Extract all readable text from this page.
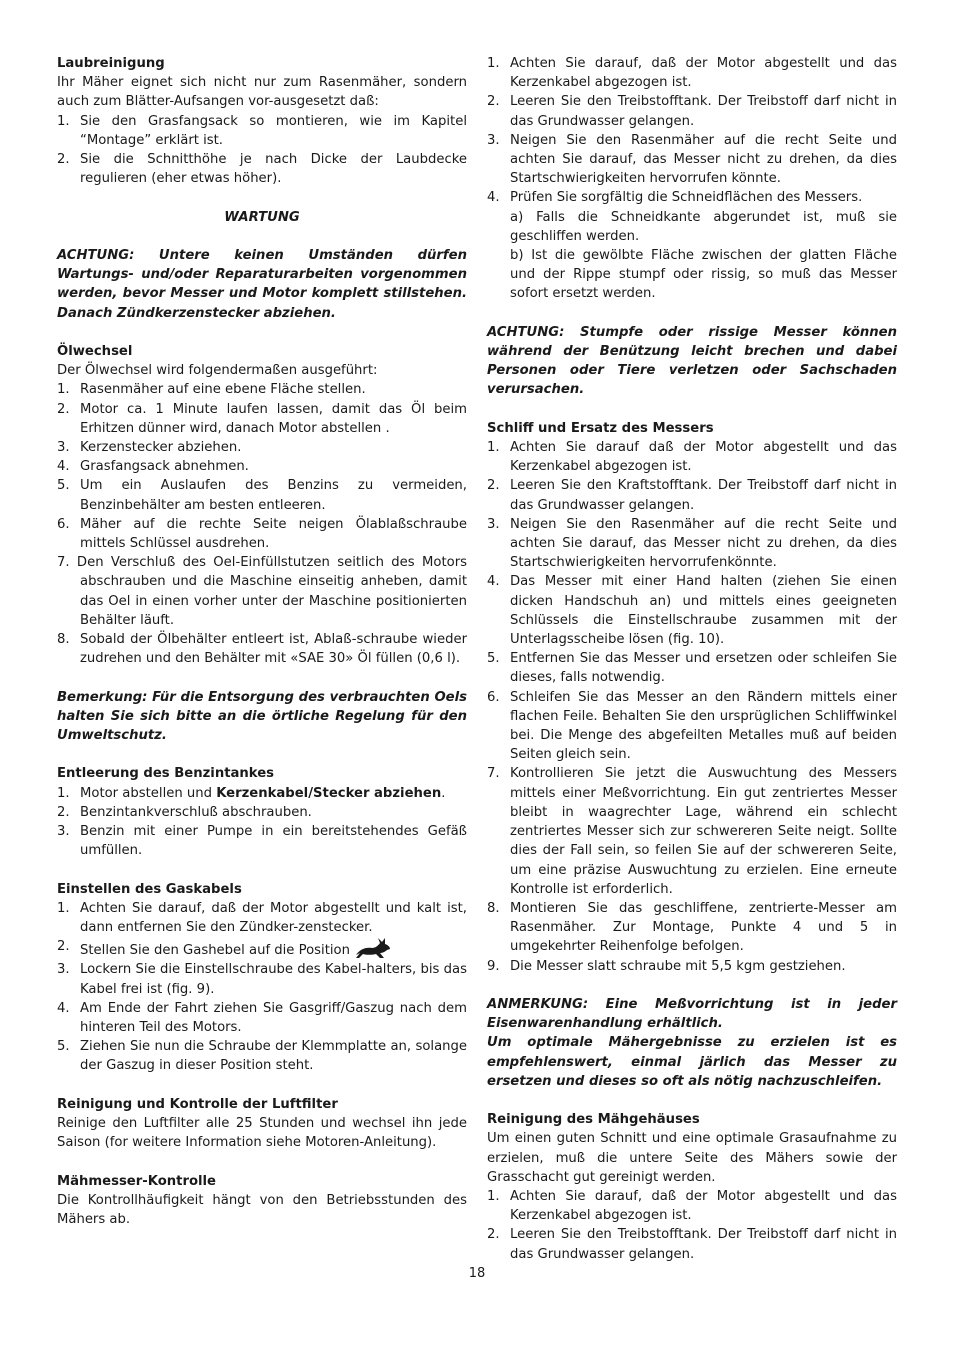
Laubreinigung

Ihr Mäher eignet sich nicht nur zum Rasenmäher, sondern auch zum Blätter-Aufsangen vor-ausgesetzt daß:

1. Sie den Grasfangsack so montieren, wie im Kapitel “Montage” erklärt ist.
2. Sie die Schnitthöhe je nach Dicke der Laubdecke regulieren (eher etwas höher).

WARTUNG

ACHTUNG: Untere keinen Umständen dürfen Wartungs- und/oder Reparaturarbeiten vorgenommen werden, bevor Messer und Motor komplett stillstehen. Danach Zündkerzenstecker abziehen.

Ölwechsel

Der Ölwechsel wird folgendermaßen ausgeführt:

1. Rasenmäher auf eine ebene Fläche stellen.
2. Motor ca. 1 Minute laufen lassen, damit das Öl beim Erhitzen dünner wird, danach Motor abstellen .
3. Kerzenstecker abziehen.
4. Grasfangsack abnehmen.
5. Um ein Auslaufen des Benzins zu vermeiden, Benzinbehälter am besten entleeren.
6. Mäher auf die rechte Seite neigen Ölablaßschraube mittels Schlüssel ausdrehen.
7. Den Verschluß des Oel-Einfüllstutzen seitlich des Motors abschrauben und die Maschine einseitig anheben, damit das Oel in einen vorher unter der Maschine positionierten Behälter läuft.
8. Sobald der Ölbehälter entleert ist, Ablaß-schraube wieder zudrehen und den Behälter mit «SAE 30» Öl füllen (0,6 l).

Bemerkung: Für die Entsorgung des verbrauchten Oels halten Sie sich bitte an die örtliche Regelung für den Umweltschutz.

Entleerung des Benzintankes
1. Motor abstellen und Kerzenkabel/Stecker abziehen.
2. Benzintankverschluß abschrauben.
3. Benzin mit einer Pumpe in ein bereitstehendes Gefäß umfüllen.
Einstellen des Gaskabels
1. Achten Sie darauf, daß der Motor abgestellt und kalt ist, dann entfernen Sie den Zündker-zenstecker.
2. Stellen Sie den Gashebel auf die Position
3. Lockern Sie die Einstellschraube des Kabel-halters, bis das Kabel frei ist (fig. 9).
4. Am Ende der Fahrt ziehen Sie Gasgriff/Gaszug nach dem hinteren Teil des Motors.
5. Ziehen Sie nun die Schraube der Klemmplatte an, solange der Gaszug in dieser Position steht.
Reinigung und Kontrolle der Luftfilter

Reinige den Luftfilter alle 25 Stunden und wechsel ihn jede Saison (for weitere Information siehe Motoren-Anleitung).

Mähmesser-Kontrolle

Die Kontrollhäufigkeit hängt von den Betriebsstunden des Mähers ab.

1. Achten Sie darauf, daß der Motor abgestellt und das Kerzenkabel abgezogen ist.
2. Leeren Sie den Treibstofftank. Der Treibstoff darf nicht in das Grundwasser gelangen.
3. Neigen Sie den Rasenmäher auf die recht Seite und achten Sie darauf, das Messer nicht zu drehen, da dies Startschwierigkeiten hervorrufen könnte.
4. Prüfen Sie sorgfältig die Schneidflächen des Messers.
a) Falls die Schneidkante abgerundet ist, muß sie geschliffen werden.
b) Ist die gewölbte Fläche zwischen der glatten Fläche und der Rippe stumpf oder rissig, so muß das Messer sofort ersetzt werden.

ACHTUNG: Stumpfe oder rissige Messer können während der Benützung leicht brechen und dabei Personen oder Tiere verletzen oder Sachschaden verursachen.

Schliff und Ersatz des Messers
1. Achten Sie darauf daß der Motor abgestellt und das Kerzenkabel abgezogen ist.
2. Leeren Sie den Kraftstofftank. Der Treibstoff darf nicht in das Grundwasser gelangen.
3. Neigen Sie den Rasenmäher auf die recht Seite und achten Sie darauf, das Messer nicht zu drehen, da dies Startschwierigkeiten hervorrufenkönnte.
4. Das Messer mit einer Hand halten (ziehen Sie einen dicken Handschuh an) und mittels eines geeigneten Schlüssels die Einstellschraube zusammen mit der Unterlagsscheibe lösen (fig. 10).
5. Entfernen Sie das Messer und ersetzen oder schleifen Sie dieses, falls notwendig.
6. Schleifen Sie das Messer an den Rändern mittels einer flachen Feile. Behalten Sie den ursprüglichen Schliffwinkel bei. Die Menge des abgefeilten Metalles muß auf beiden Seiten gleich sein.
7. Kontrollieren Sie jetzt die Auswuchtung des Messers mittels einer Meßvorrichtung. Ein gut zentriertes Messer bleibt in waagrechter Lage, während ein schlecht zentriertes Messer sich zur schwereren Seite neigt. Sollte dies der Fall sein, so feilen Sie auf der schwereren Seite, um eine präzise Auswuchtung zu erzielen. Eine erneute Kontrolle ist erforderlich.
8. Montieren Sie das geschliffene, zentrierte-Messer am Rasenmäher. Zur Montage, Punkte 4 und 5 in umgekehrter Reihenfolge befolgen.
9. Die Messer slatt schraube mit 5,5 kgm gestziehen.

ANMERKUNG: Eine Meßvorrichtung ist in jeder Eisenwarenhandlung erhältlich.

Um optimale Mähergebnisse zu erzielen ist es empfehlenswert, einmal järlich das Messer zu ersetzen und dieses so oft als nötig nachzuschleifen.

Reinigung des Mähgehäuses

Um einen guten Schnitt und eine optimale Grasaufnahme zu erzielen, muß die untere Seite des Mähers sowie der Grasschacht gut gereinigt werden.

1. Achten Sie darauf, daß der Motor abgestellt und das Kerzenkabel abgezogen ist.
2. Leeren Sie den Treibstofftank. Der Treibstoff darf nicht in das Grundwasser gelangen.
18
